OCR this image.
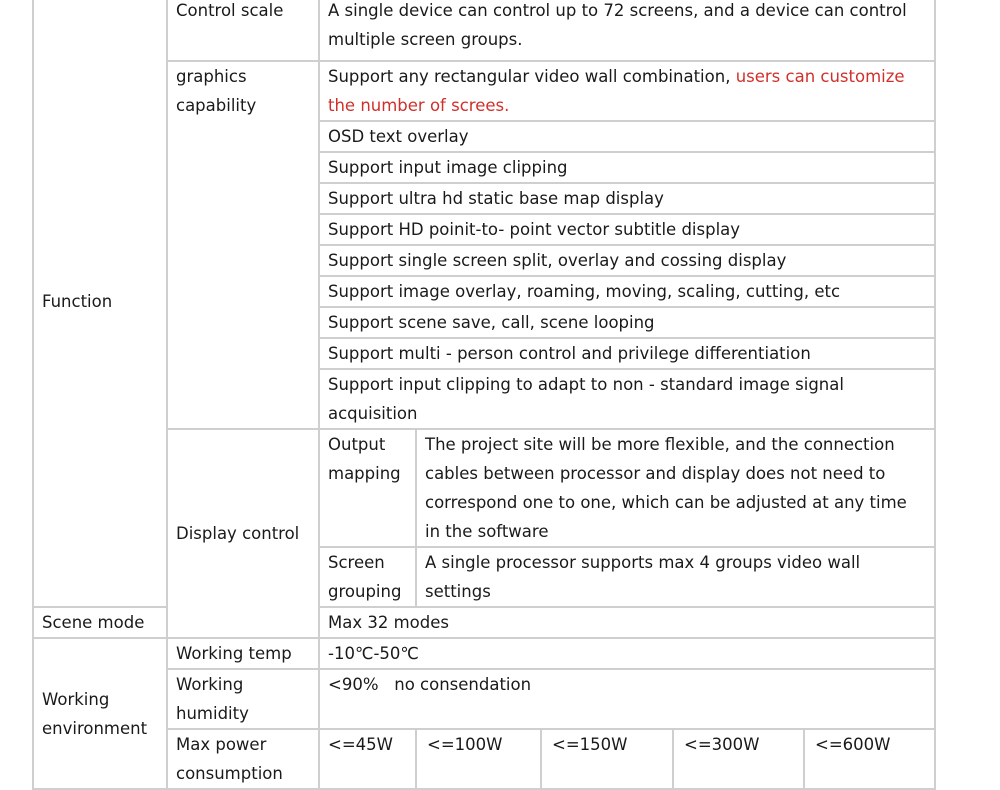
Function	Control scale	A single device can control up to 72 screens, and a device can control multiple screen groups.				
	graphics capability	Support any rectangular video wall combination, users can customize the number of screes.				
		OSD text overlay				
		Support input image clipping				
		Support ultra hd static base map display				
		Support HD poinit-to- point vector subtitle display				
		Support single screen split, overlay and cossing display				
		Support image overlay, roaming, moving, scaling, cutting, etc				
		Support scene save, call, scene looping				
		Support multi - person control and privilege differentiation				
		Support input clipping to adapt to non - standard image signal acquisition				
	Display control	Output mapping	The project site will be more flexible, and the connection cables between processor and display does not need to correspond one to one, which can be adjusted at any time in the software			
		Screen grouping	A single processor supports max 4 groups video wall settings			
Scene mode		Max 32 modes				
Working environment	Working temp	-10℃-50℃				
	Working humidity	<90%   no consendation				
	Max power consumption	<=45W	<=100W	<=150W	<=300W	<=600W
